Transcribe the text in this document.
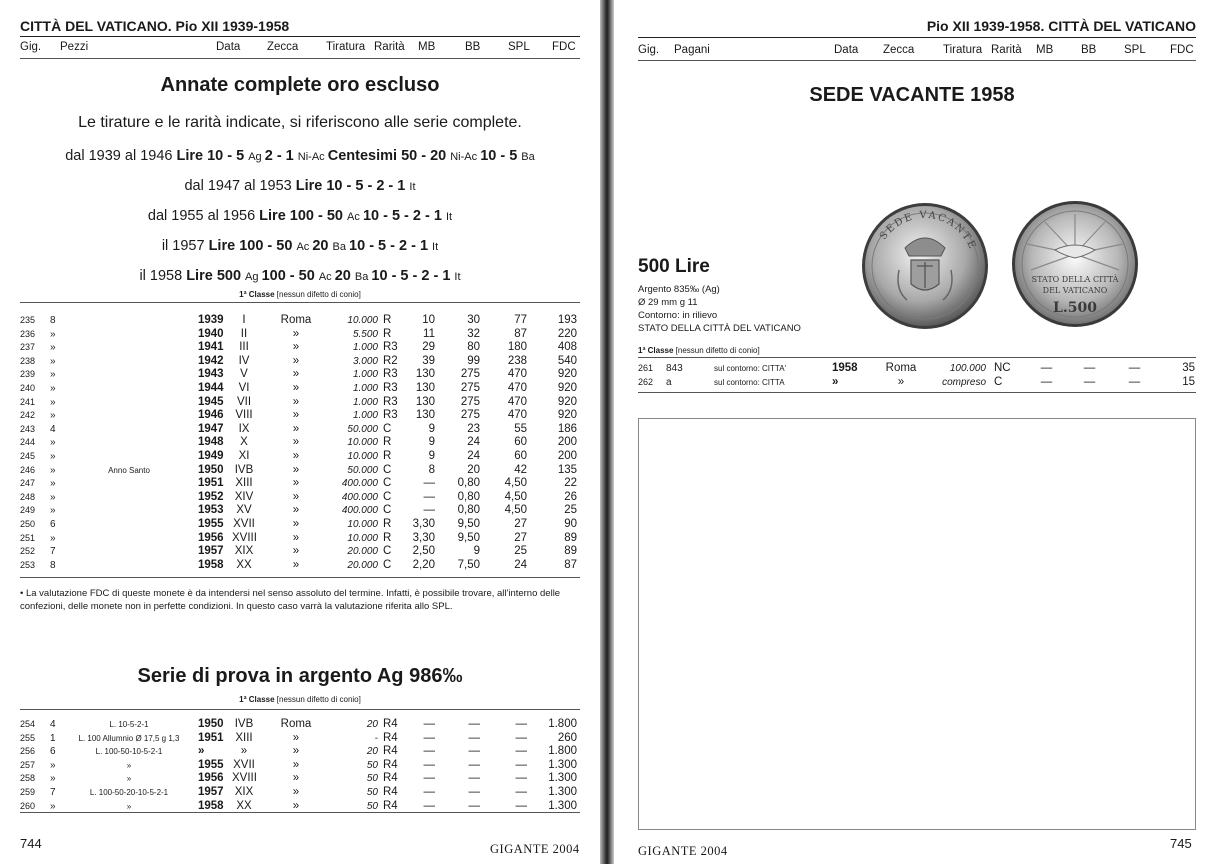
CITTÀ DEL VATICANO. Pio XII 1939-1958
Gig. Pezzi	Data Zecca Tiratura Rarità MB	BB SPL FDC
Annate complete oro escluso
Le tirature e le rarità indicate, si riferiscono alle serie complete.
dal 1939 al 1946 Lire 10 - 5 Ag 2 - 1 Ni-Ac Centesimi 50 - 20 Ni-Ac 10 - 5 Ba
dal 1947 al 1953 Lire 10 - 5 - 2 - 1 It
dal 1955 al 1956 Lire 100 - 50 Ac 10 - 5 - 2 - 1 It
il 1957 Lire 100 - 50 Ac 20 Ba 10 - 5 - 2 - 1 It
il 1958 Lire 500 Ag 100 - 50 Ac 20 Ba 10 - 5 - 2 - 1 It
1ª Classe [nessun difetto di conio]
235 8	1939	I	Roma	10.000 R	10	30	77	193
236 »	1940	II	»	5.500 R	11	32	87	220
237 »	1941	III	»	1.000 R3	29	80	180	408
238 »	1942	IV	»	3.000 R2	39	99	238	540
239 »	1943	V	»	1.000 R3	130	275	470	920
240 »	1944	VI	»	1.000 R3	130	275	470	920
241 »	1945	VII	»	1.000 R3	130	275	470	920
242 »	1946 VIII	»	1.000 R3	130	275	470	920
243 4	1947	IX	»	50.000 C	9	23	55	186
244 »	1948	X	»	10.000 R	9	24	60	200
245 »	1949	XI	»	10.000 R	9	24	60	200
246 »	Anno Santo	1950 IVB	»	50.000 C	8	20	42	135
247 »	1951 XIII	»	400.000 C	—	0,80	4,50	22
248 »	1952 XIV	»	400.000 C	—	0,80	4,50	26
249 »	1953	XV	»	400.000 C	—	0,80	4,50	25
250 6	1955 XVII	»	10.000 R	3,30	9,50	27	90
251 »	1956 XVIII	»	10.000 R	3,30	9,50	27	89
252 7	1957 XIX	»	20.000 C	2,50	9	25	89
253 8	1958	XX	»	20.000 C	2,20	7,50	24	87
• La valutazione FDC di queste monete è da intendersi nel senso assoluto del termine. Infatti, è possibile trovare, all'interno delle confezioni, delle monete non in perfette condizioni. In questo caso varrà la valutazione riferita allo SPL.
Serie di prova in argento Ag 986‰
1ª Classe [nessun difetto di conio]
254 4	L. 10-5-2-1	1950 IVB	Roma	20 R4	—	—	—	1.800
255 1	L. 100 Allumnio Ø 17,5 g 1,3	1951 XIII	»	- R4	—	—	—	260
256 6	L. 100-50-10-5-2-1	»	»	»	20 R4	—	—	—	1.800
257 »	»	1955 XVII	»	50 R4	—	—	—	1.300
258 »	»	1956 XVIII	»	50 R4	—	—	—	1.300
259 7	L. 100-50-20-10-5-2-1	1957 XIX	»	50 R4	—	—	—	1.300
260 »	»	1958	XX	»	50 R4	—	—	—	1.300
744	GIGANTE 2004
Pio XII 1939-1958. CITTÀ DEL VATICANO
Gig. Pagani	Data Zecca Tiratura Rarità MB BB SPL FDC
SEDE VACANTE 1958
SEDE VACANTE
STATO DELLA CITTÀ
DEL VATICANO
L.500
500 Lire
Argento 835‰ (Ag)
Ø 29 mm g 11
Contorno: in rilievo
STATO DELLA CITTÀ DEL VATICANO
1ª Classe [nessun difetto di conio]
261 843	sul contorno: CITTA'	1958	Roma	100.000 NC	—	—	—	35
262 a	sul contorno: CITTA	»	»	compreso C	—	—	—	15
GIGANTE 2004	745
